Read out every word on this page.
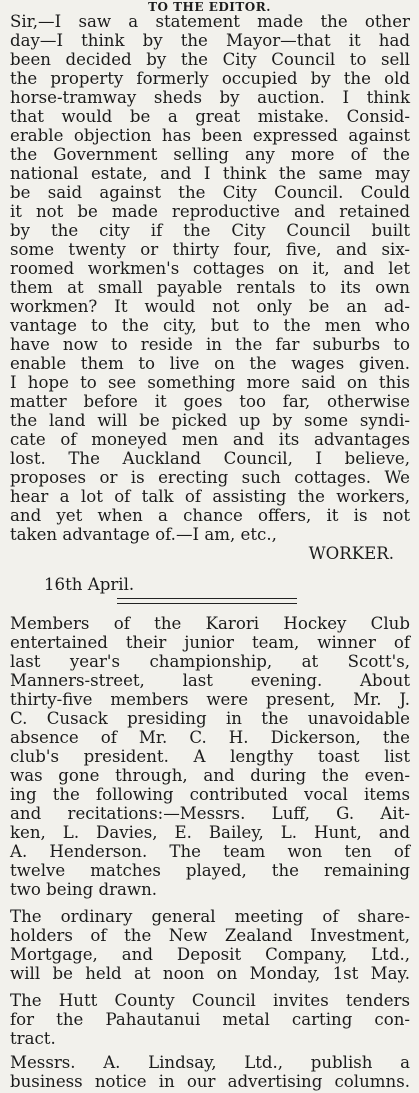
TO THE EDITOR.
Sir,—I saw a statement made the other
day—I think by the Mayor—that it had
been decided by the City Council to sell
the property formerly occupied by the old
horse-tramway sheds by auction. I think
that would be a great mistake. Consid-
erable objection has been expressed against
the Government selling any more of the
national estate, and I think the same may
be said against the City Council. Could
it not be made reproductive and retained
by the city if the City Council built
some twenty or thirty four, five, and six-
roomed workmen's cottages on it, and let
them at small payable rentals to its own
workmen? It would not only be an ad-
vantage to the city, but to the men who
have now to reside in the far suburbs to
enable them to live on the wages given.
I hope to see something more said on this
matter before it goes too far, otherwise
the land will be picked up by some syndi-
cate of moneyed men and its advantages
lost. The Auckland Council, I believe,
proposes or is erecting such cottages. We
hear a lot of talk of assisting the workers,
and yet when a chance offers, it is not
taken advantage of.—I am, etc.,
WORKER.
16th April.
Members of the Karori Hockey Club
entertained their junior team, winner of
last year's championship, at Scott's,
Manners-street, last evening. About
thirty-five members were present, Mr. J.
C. Cusack presiding in the unavoidable
absence of Mr. C. H. Dickerson, the
club's president. A lengthy toast list
was gone through, and during the even-
ing the following contributed vocal items
and recitations:—Messrs. Luff, G. Ait-
ken, L. Davies, E. Bailey, L. Hunt, and
A. Henderson. The team won ten of
twelve matches played, the remaining
two being drawn.
The ordinary general meeting of share-
holders of the New Zealand Investment,
Mortgage, and Deposit Company, Ltd.,
will be held at noon on Monday, 1st May.
The Hutt County Council invites tenders
for the Pahautanui metal carting con-
tract.
Messrs. A. Lindsay, Ltd., publish a
business notice in our advertising columns.
